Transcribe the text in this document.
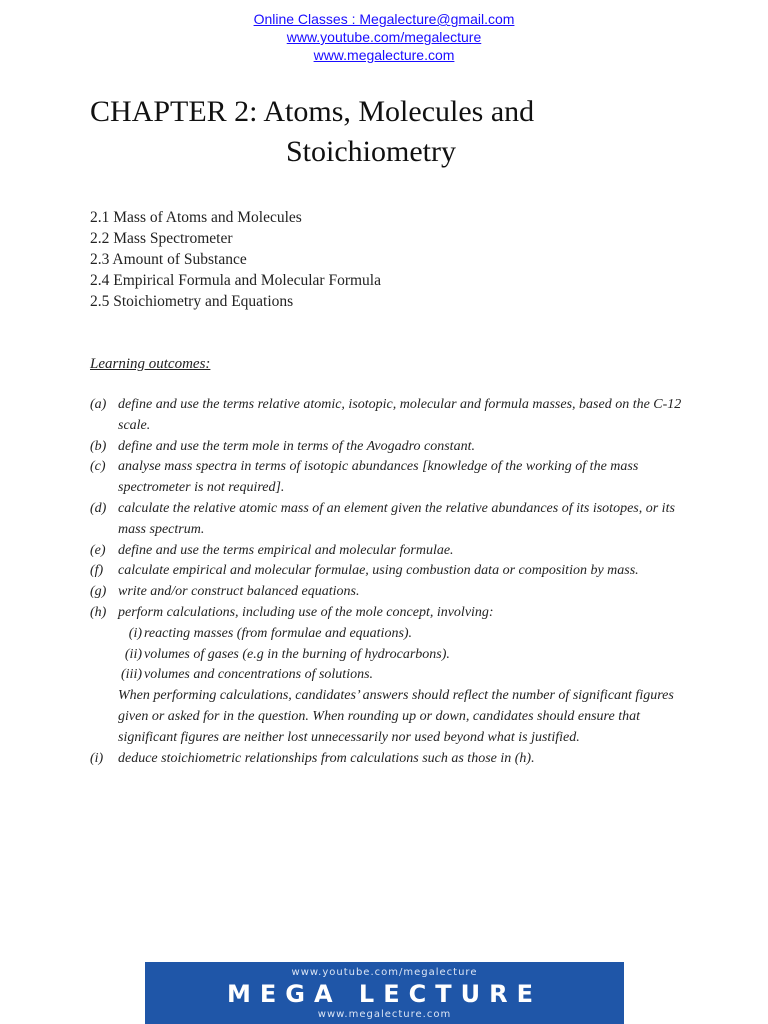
Online Classes : Megalecture@gmail.com
www.youtube.com/megalecture
www.megalecture.com
CHAPTER 2: Atoms, Molecules and
Stoichiometry
2.1 Mass of Atoms and Molecules
2.2 Mass Spectrometer
2.3 Amount of Substance
2.4 Empirical Formula and Molecular Formula
2.5 Stoichiometry and Equations
Learning outcomes:
(a) define and use the terms relative atomic, isotopic, molecular and formula masses, based on the C-12 scale.
(b) define and use the term mole in terms of the Avogadro constant.
(c) analyse mass spectra in terms of isotopic abundances [knowledge of the working of the mass spectrometer is not required].
(d) calculate the relative atomic mass of an element given the relative abundances of its isotopes, or its mass spectrum.
(e) define and use the terms empirical and molecular formulae.
(f) calculate empirical and molecular formulae, using combustion data or composition by mass.
(g) write and/or construct balanced equations.
(h) perform calculations, including use of the mole concept, involving:
(i) reacting masses (from formulae and equations).
(ii) volumes of gases (e.g in the burning of hydrocarbons).
(iii) volumes and concentrations of solutions.

When performing calculations, candidates’ answers should reflect the number of significant figures given or asked for in the question. When rounding up or down, candidates should ensure that significant figures are neither lost unnecessarily nor used beyond what is justified.

(i) deduce stoichiometric relationships from calculations such as those in (h).
www.youtube.com/megalecture
MEGA LECTURE
www.megalecture.com
